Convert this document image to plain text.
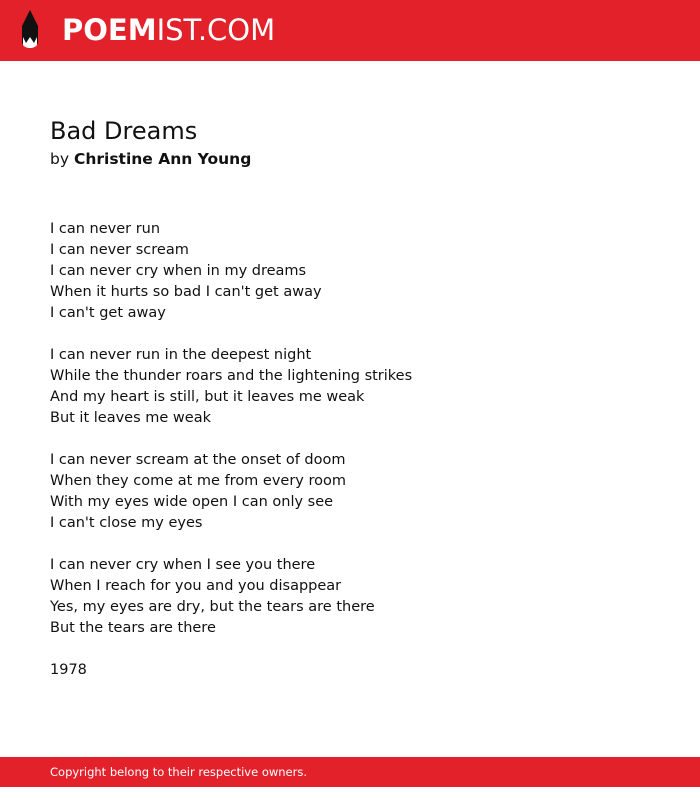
POEMIST.COM
Bad Dreams
by Christine Ann Young
I can never run
I can never scream
I can never cry when in my dreams
When it hurts so bad I can't get away
I can't get away
I can never run in the deepest night
While the thunder roars and the lightening strikes
And my heart is still, but it leaves me weak
But it leaves me weak
I can never scream at the onset of doom
When they come at me from every room
With my eyes wide open I can only see
I can't close my eyes
I can never cry when I see you there
When I reach for you and you disappear
Yes, my eyes are dry, but the tears are there
But the tears are there
1978
Copyright belong to their respective owners.
